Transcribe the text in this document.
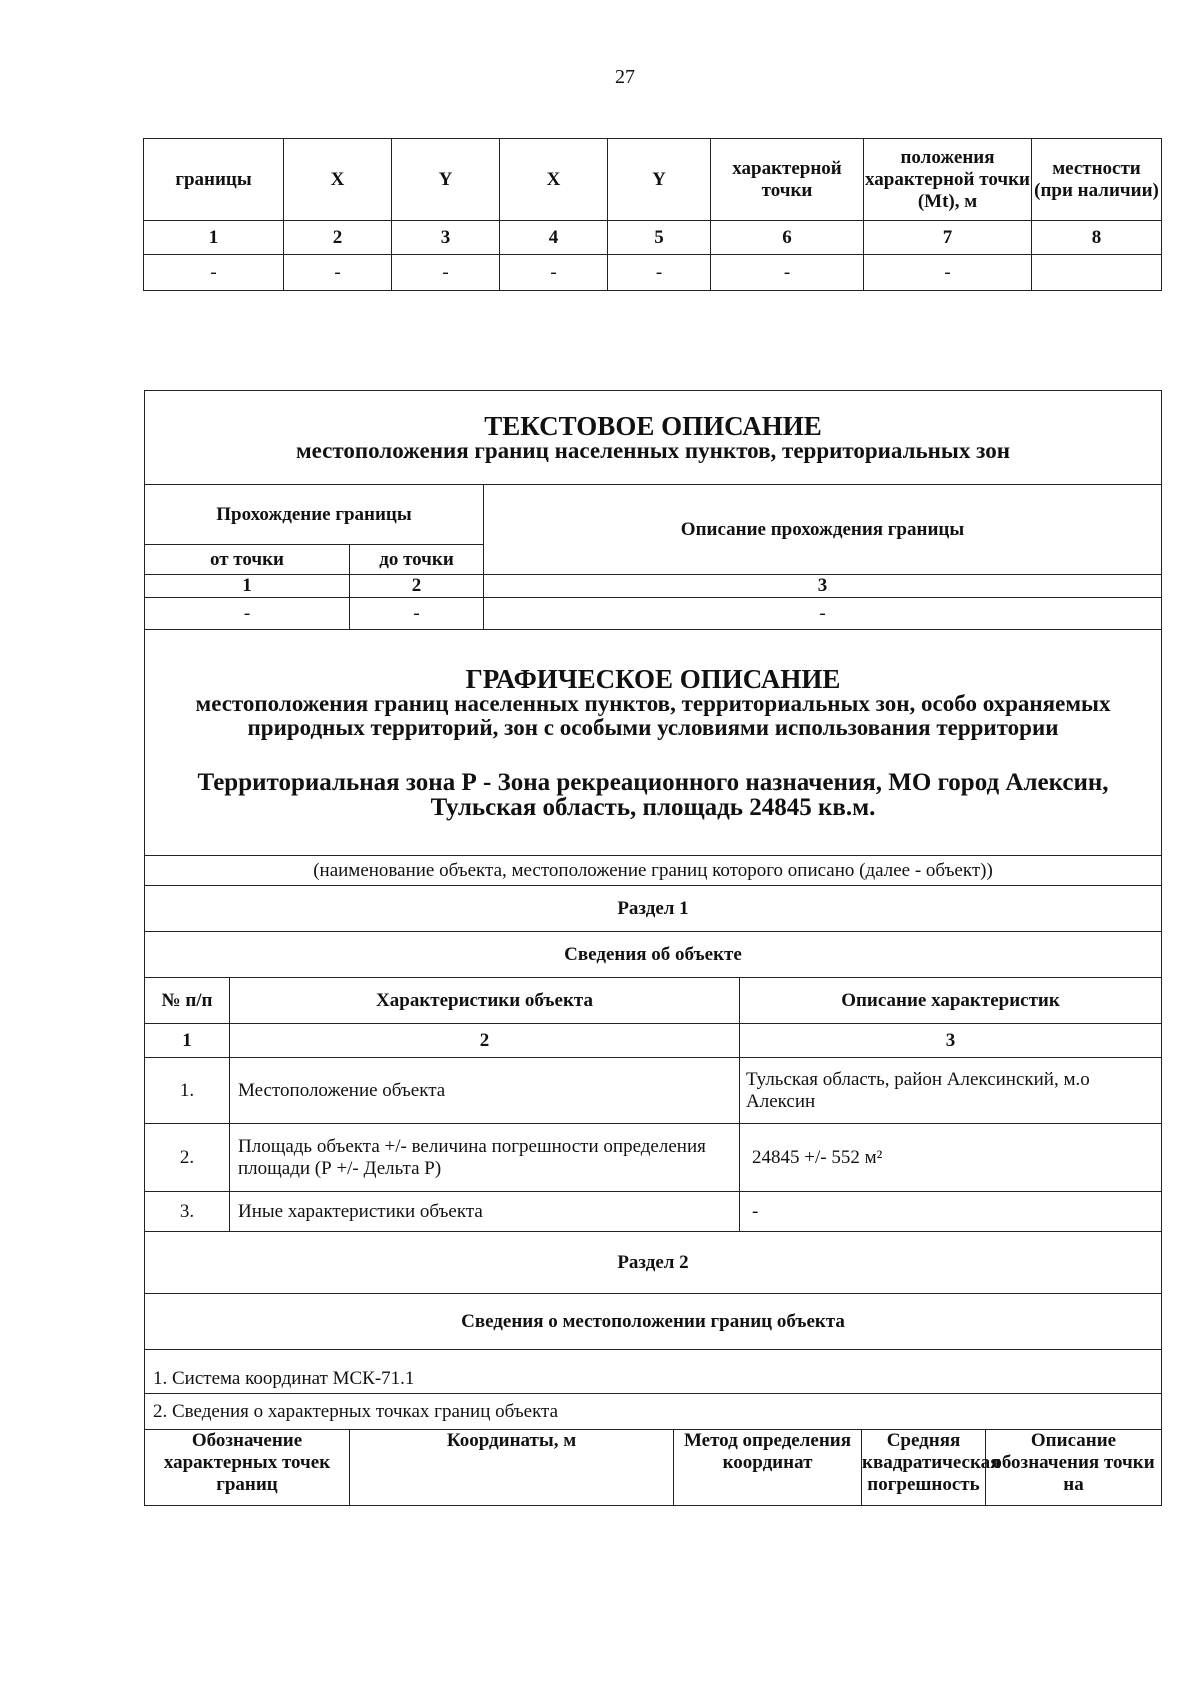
27
границы	X	Y	X	Y	характерной точки	положения характерной точки (Mt), м	местности (при наличии)
1	2	3	4	5	6	7	8
-	-	-	-	-	-	-	
ТЕКСТОВОЕ ОПИСАНИЕ
местоположения границ населенных пунктов, территориальных зон							

Прохождение границы			Описание прохождения границы				
от точки		до точки					
1		2	3				
-		-	-				

ГРАФИЧЕСКОЕ ОПИСАНИЕ
местоположения границ населенных пунктов, территориальных зон, особо охраняемых природных территорий, зон с особыми условиями использования территории
Территориальная зона Р - Зона рекреационного назначения, МО город Алексин, Тульская область, площадь 24845 кв.м.							

(наименование объекта, местоположение границ которого описано (далее - объект))							
Раздел 1							
Сведения об объекте							
№ п/п	Характеристики объекта				Описание характеристик		
1	2				3		
1.	Местоположение объекта				Тульская область, район Алексинский, м.о Алексин		
2.	Площадь объекта +/- величина погрешности определения площади (Р +/- Дельта Р)				24845 +/- 552 м²		
3.	Иные характеристики объекта				-		
Раздел 2							
Сведения о местоположении границ объекта							
1. Система координат МСК-71.1							
2. Сведения о характерных точках границ объекта							
Обозначение характерных точек границ		Координаты, м		Метод определения координат		Средняя квадратическая погрешность	Описание обозначения точки на
